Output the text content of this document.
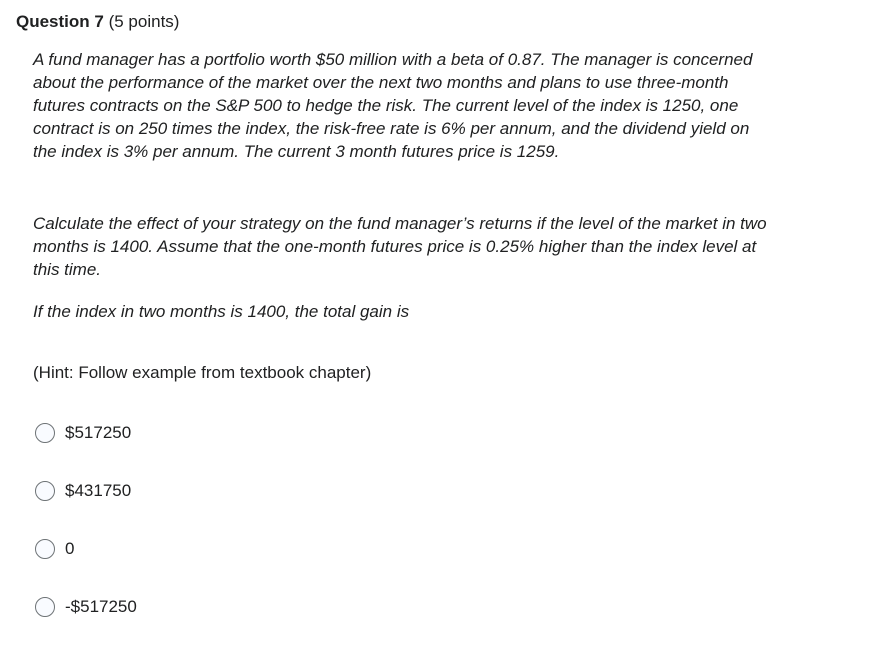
Question 7 (5 points)

A fund manager has a portfolio worth $50 million with a beta of 0.87. The manager is concerned about the performance of the market over the next two months and plans to use three-month futures contracts on the S&P 500 to hedge the risk. The current level of the index is 1250, one contract is on 250 times the index, the risk-free rate is 6% per annum, and the dividend yield on the index is 3% per annum. The current 3 month futures price is 1259.

Calculate the effect of your strategy on the fund manager’s returns if the level of the market in two months is 1400. Assume that the one-month futures price is 0.25% higher than the index level at this time.

If the index in two months is 1400, the total gain is

(Hint: Follow example from textbook chapter)
$517250
$431750
0
-$517250
